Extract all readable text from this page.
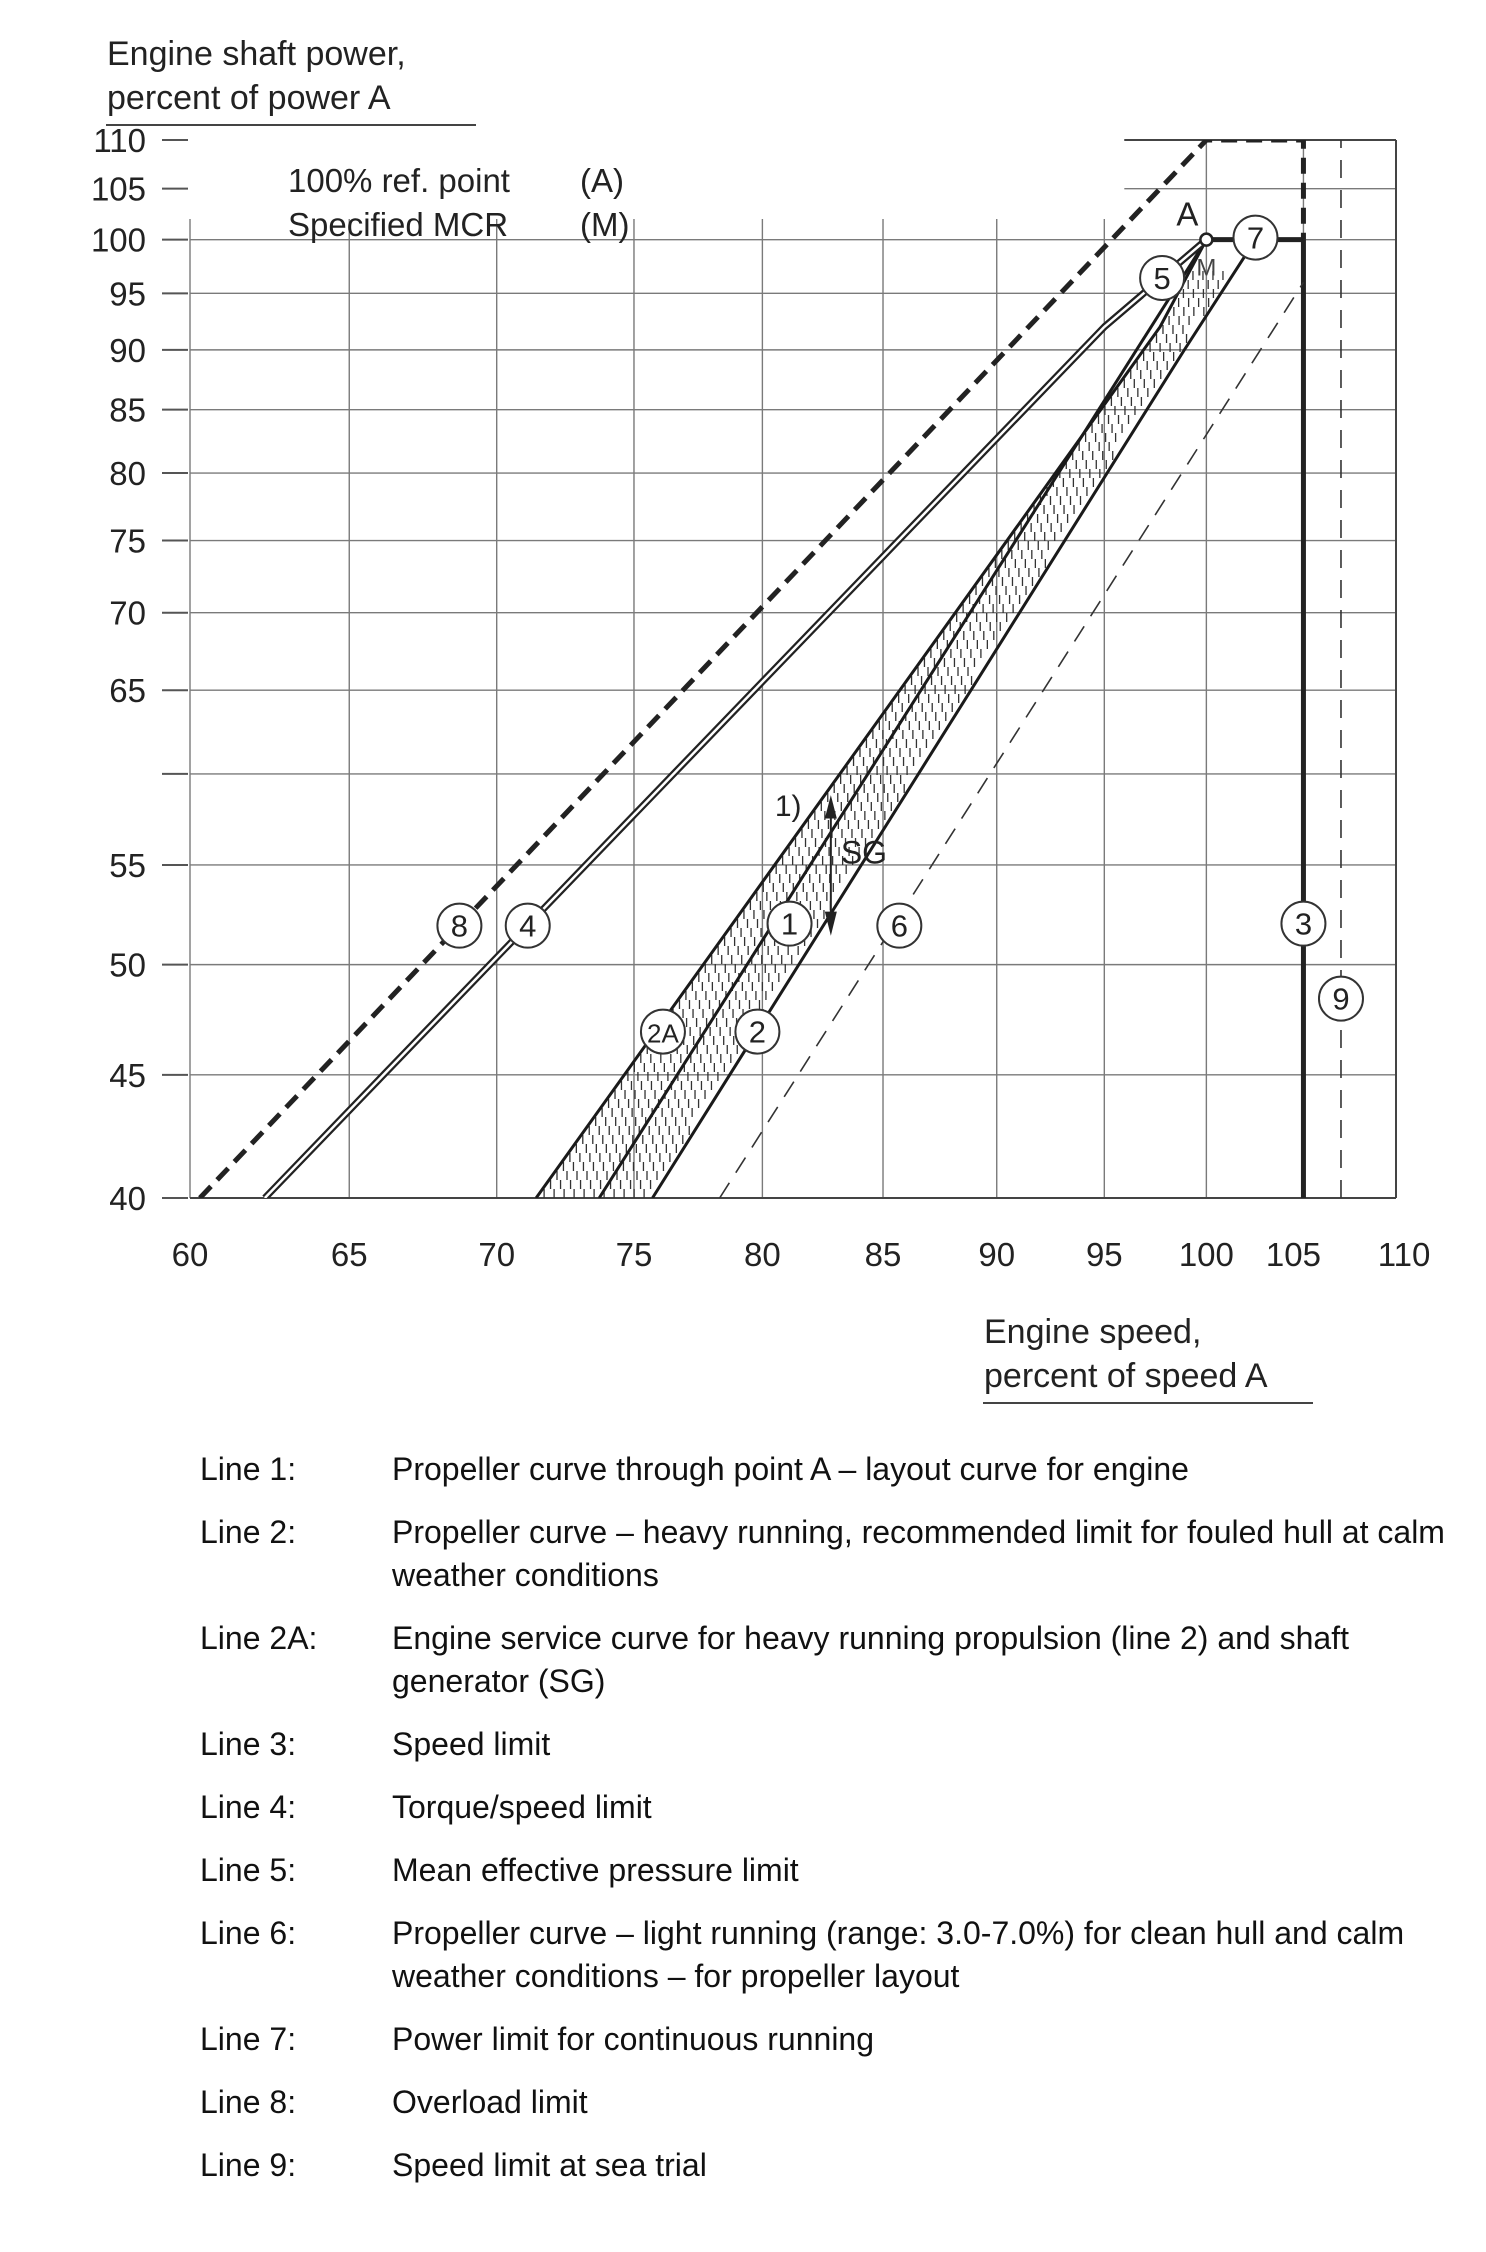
Engine shaft power,
percent of power A
40
45
50
55
65
70
75
80
85
90
95
100
105
110
60	65	70	75	80	85 90 95 100 105 110
100% ref. point (A)
Specified MCR (M)	A
M
1)
SG
1
2
2A
3
4
5
6
7
8
9
Engine speed,
percent of speed A
Line 1:	Propeller curve through point A – layout curve for engine
Line 2:	Propeller curve – heavy running, recommended limit for fouled hull at calm weather conditions
Line 2A:	Engine service curve for heavy running propulsion (line 2) and shaft generator (SG)
Line 3:	Speed limit
Line 4:	Torque/speed limit
Line 5:	Mean effective pressure limit
Line 6:	Propeller curve – light running (range: 3.0-7.0%) for clean hull and calm weather conditions – for propeller layout
Line 7:	Power limit for continuous running
Line 8:	Overload limit
Line 9:	Speed limit at sea trial
